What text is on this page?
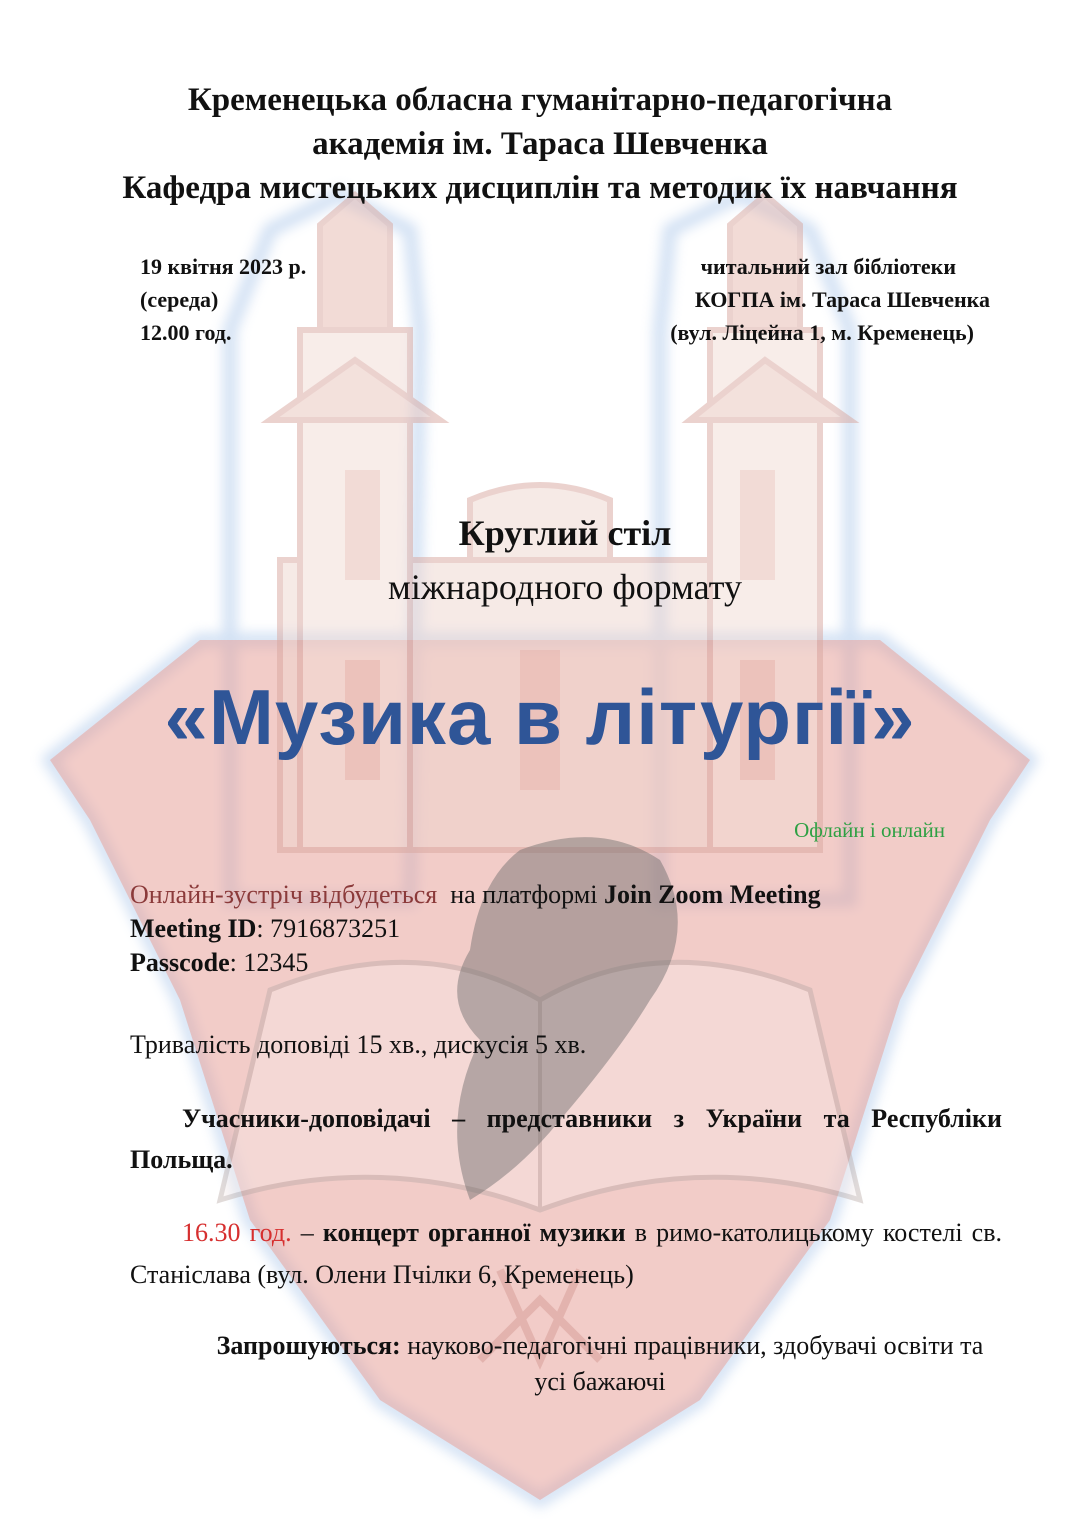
Кременецька обласна гуманітарно-педагогічна
академія ім. Тараса Шевченка
Кафедра мистецьких дисциплін та методик їх навчання
19 квітня 2023 р.
(середа)
12.00 год.
читальний зал бібліотеки
КОГПА ім. Тараса Шевченка
(вул. Ліцейна 1, м. Кременець)
Круглий стіл
міжнародного формату
«Музика в літургії»
Офлайн і онлайн
Онлайн-зустріч відбудеться на платформі Join Zoom Meeting
Meeting ID: 7916873251
Passcode: 12345
Тривалість доповіді 15 хв., дискусія 5 хв.
Учасники-доповідачі – представники з України та Республіки Польща.
16.30 год. – концерт органної музики в римо-католицькому костелі св. Станіслава (вул. Олени Пчілки 6, Кременець)
Запрошуються: науково-педагогічні працівники, здобувачі освіти та усі бажаючі
